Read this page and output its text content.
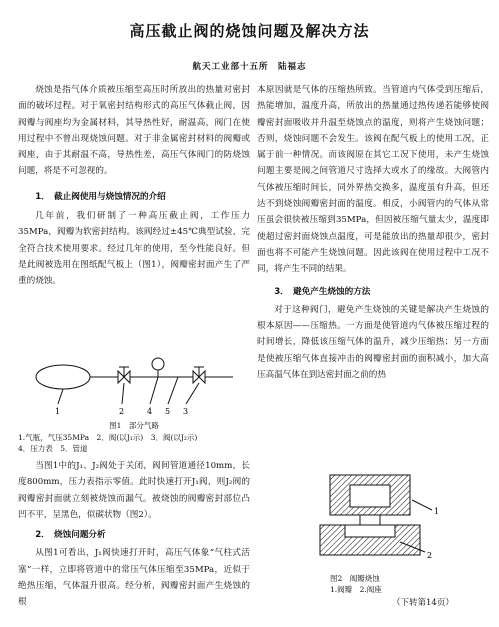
高压截止阀的烧蚀问题及解决方法
航天工业部十五所　陆福志

烧蚀是指气体介质被压缩至高压时所放出的热量对密封面的破坏过程。对于氧密封结构形式的高压气体截止阀，因阀瓣与阀座均为金属材料，其导热性好，耐温高，阀门在使用过程中不曾出现烧蚀问题。对于非金属密封材料的阀瓣或阀座，由于其耐温不高，导热性差，高压气体阀门的防烧蚀问题，将是不可忽视的。

1．　截止阀使用与烧蚀情况的介绍

几年前，我们研制了一种高压截止阀，工作压力35MPa，阀瓣为软密封结构。该阀经过±45℃典型试验，完全符合技术使用要求。经过几年的使用，至今性能良好。但是此阀被选用在图纸配气板上（图1），阀瓣密封面产生了严重的烧蚀。

1	2	3
4 5
图1　部分气路
1.气瓶，气压35MPa　2．阀(以J₁示)　3．阀(以J₂示)
4．压力表　5．管道

当图1中的J₁、J₂阀处于关闭，阀间管道通径10mm，长度800mm，压力表指示零值。此时快速打开J₁阀，则J₂阀的阀瓣密封面就立刻被烧蚀而漏气。被烧蚀的阀瓣密封部位凸凹不平，呈黑色，似碳状物（图2）。

2．　烧蚀问题分析

从图1可看出，J₁阀快速打开时，高压气体象“气柱式活塞”一样，立即将管道中的常压气体压缩至35MPa，近似于绝热压缩，气体温升很高。经分析，阀瓣密封面产生烧蚀的根

本原因就是气体的压缩热所致。当管道内气体受到压缩后，热能增加，温度升高，所放出的热量通过热传递若能够使阀瓣密封面吸收并升温至烧蚀点的温度，则将产生烧蚀问题；否则，烧蚀问题不会发生。该阀在配气板上的使用工况，正属于前一种情况。而该阀原在其它工况下使用，未产生烧蚀问题主要是阀之间管道尺寸选择大或水了的缘故。大阀管内气体被压缩时间长，同外界热交换多，温度虽有升高，但还达不到烧蚀阀瓣密封面的温度。相反，小阀管内的气体从常压虽会很快被压缩到35MPa，但因被压缩气量太少，温度即使超过密封面烧蚀点温度，可是能放出的热量却很少，密封面也将不可能产生烧蚀问题。因此该阀在使用过程中工况不同，将产生不同的结果。

3．　避免产生烧蚀的方法

对于这种阀门，避免产生烧蚀的关键是解决产生烧蚀的根本原因——压缩热。一方面是使管道内气体被压缩过程的时间增长，降低该压缩气体的温升，减少压缩热；另一方面是使被压缩气体直接冲击的阀瓣密封面的面积减小，加大高压高温气体在到达密封面之前的热

1
2
图2　阀瓣烧蚀
1.阀瓣　2.阀座
（下转第14页）
